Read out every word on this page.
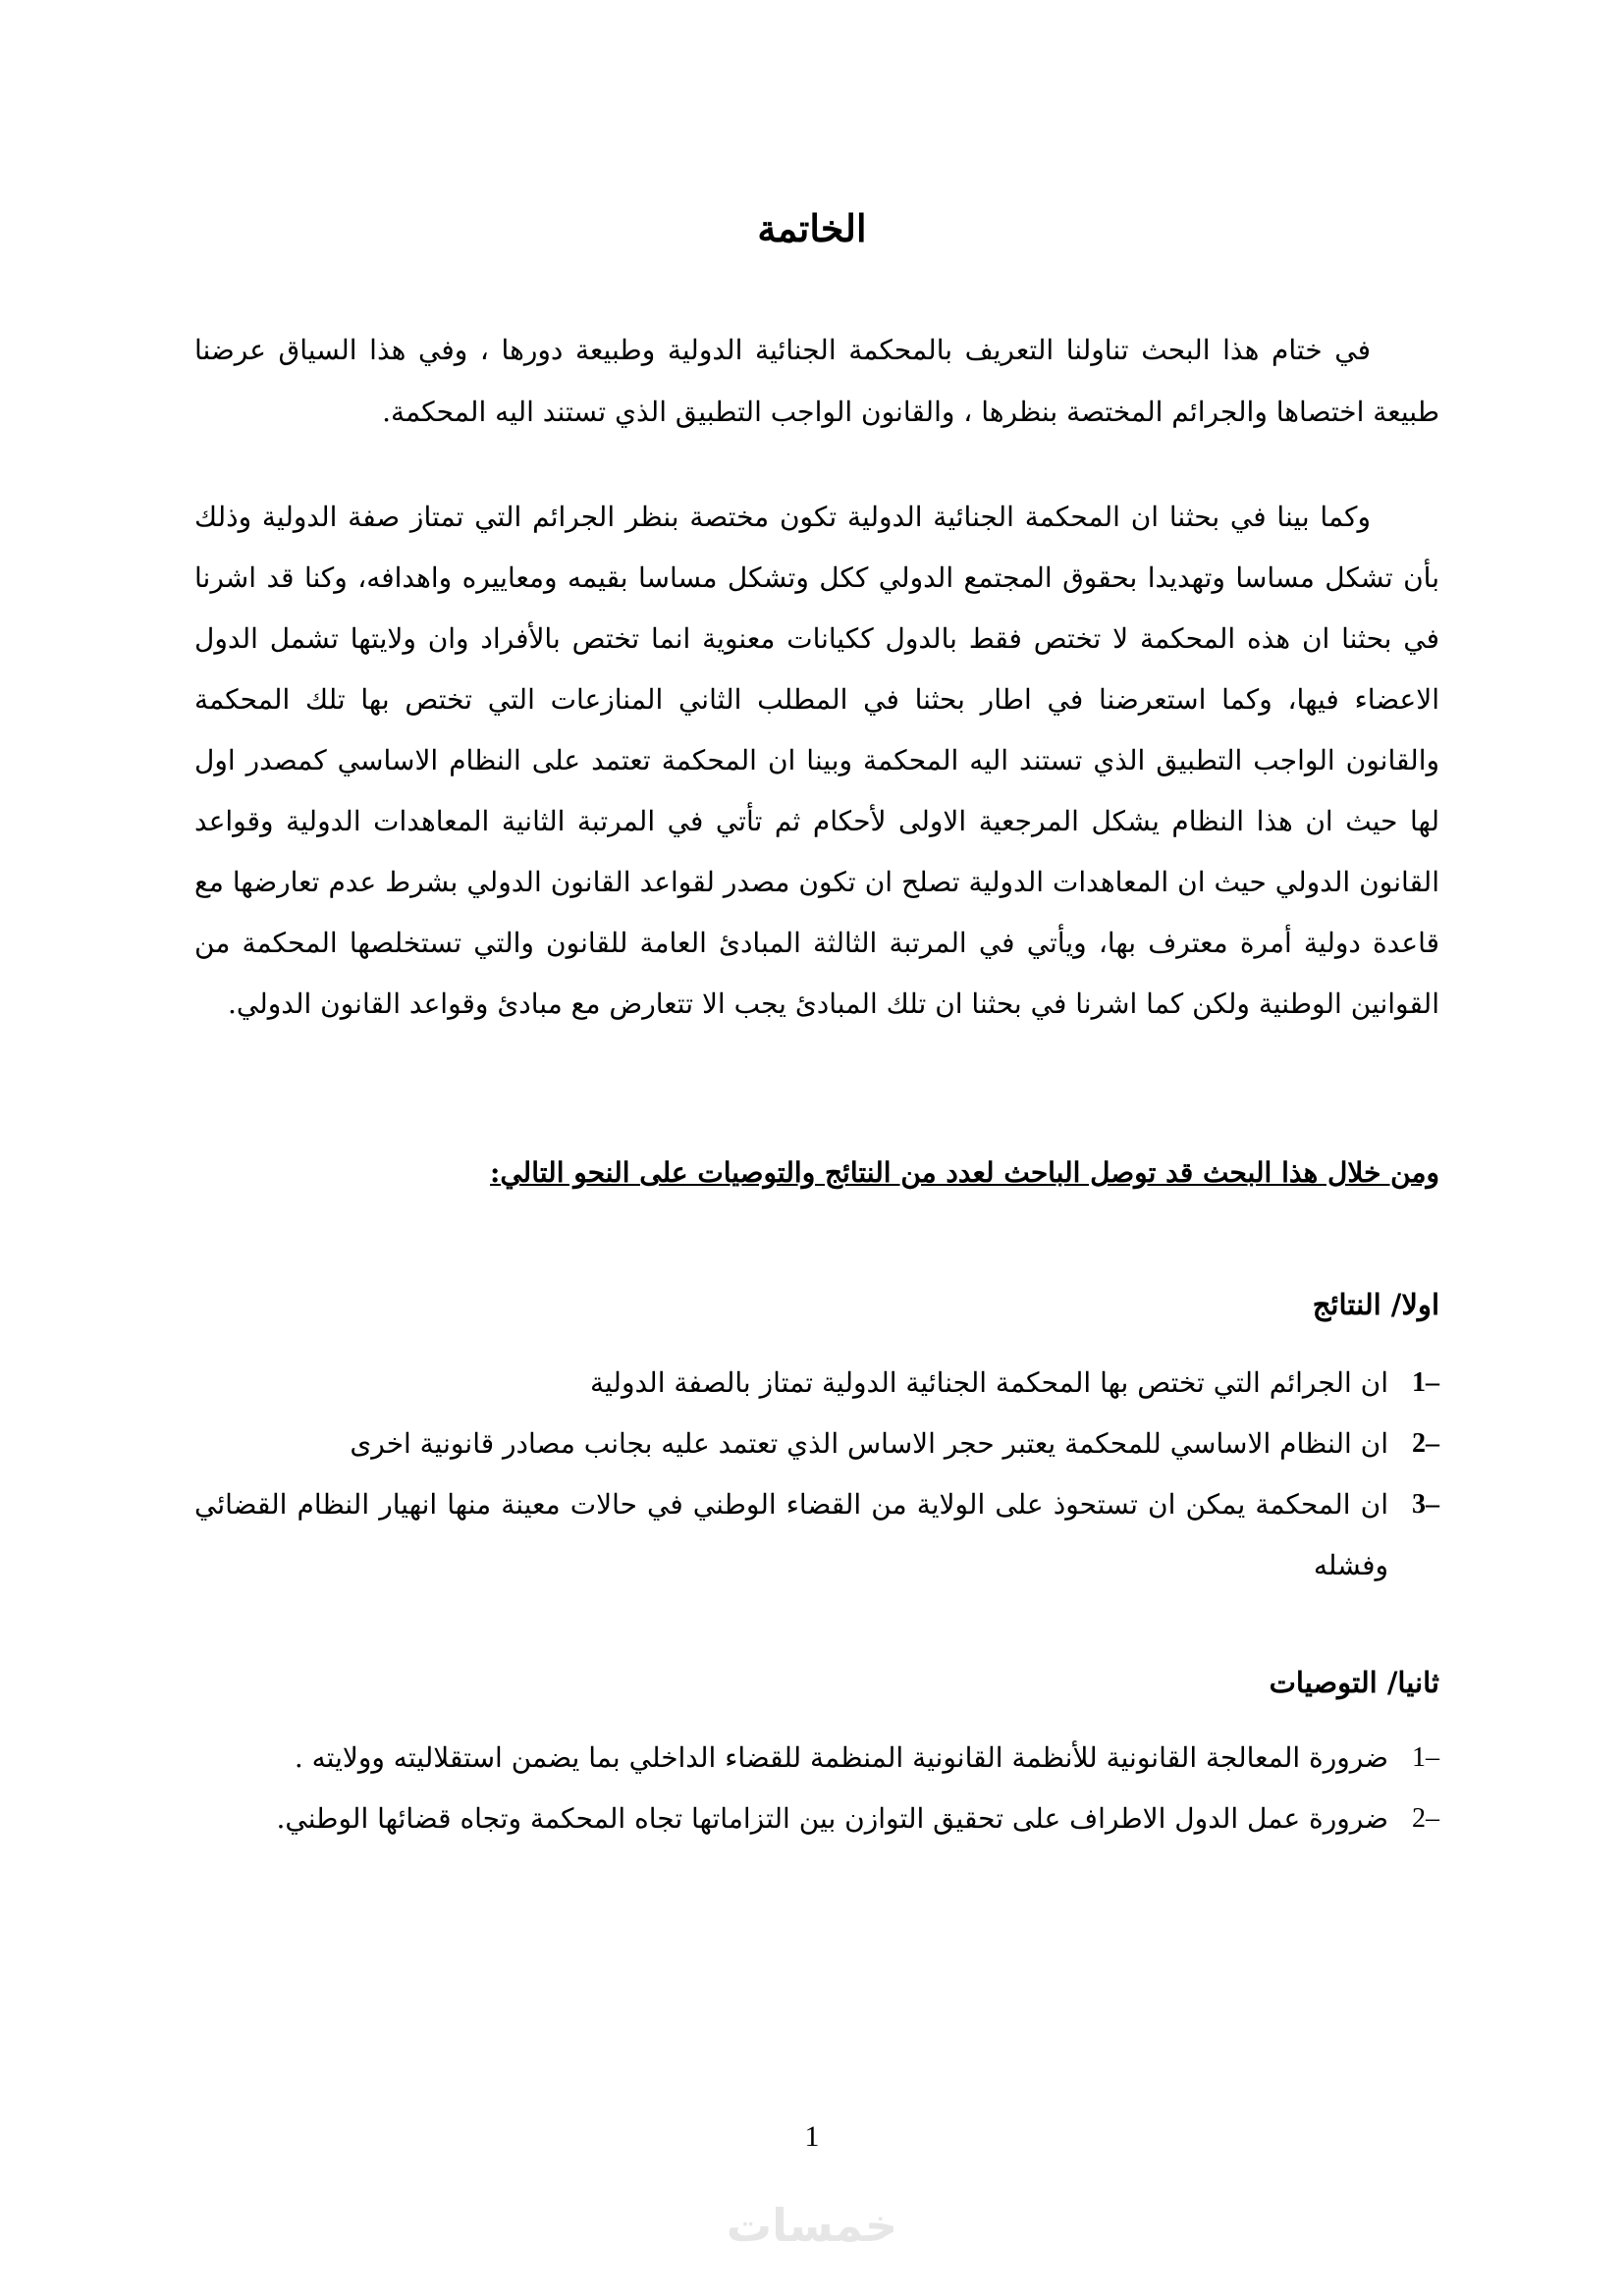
الخاتمة

في ختام هذا البحث تناولنا التعريف بالمحكمة الجنائية الدولية وطبيعة دورها ، وفي هذا السياق عرضنا طبيعة اختصاها والجرائم المختصة بنظرها ، والقانون الواجب التطبيق الذي تستند اليه المحكمة.

وكما بينا في بحثنا ان المحكمة الجنائية الدولية تكون مختصة بنظر الجرائم التي تمتاز صفة الدولية وذلك بأن تشكل مساسا وتهديدا بحقوق المجتمع الدولي ككل وتشكل مساسا بقيمه ومعاييره واهدافه، وكنا قد اشرنا في بحثنا ان هذه المحكمة لا تختص فقط بالدول ككيانات معنوية انما تختص بالأفراد وان ولايتها تشمل الدول الاعضاء فيها، وكما استعرضنا في اطار بحثنا في المطلب الثاني المنازعات التي تختص بها تلك المحكمة والقانون الواجب التطبيق الذي تستند اليه المحكمة وبينا ان المحكمة تعتمد على النظام الاساسي كمصدر اول لها حيث ان هذا النظام يشكل المرجعية الاولى لأحكام ثم تأتي في المرتبة الثانية المعاهدات الدولية وقواعد القانون الدولي حيث ان المعاهدات الدولية تصلح ان تكون مصدر لقواعد القانون الدولي بشرط عدم تعارضها مع قاعدة دولية أمرة معترف بها، ويأتي في المرتبة الثالثة المبادئ العامة للقانون والتي تستخلصها المحكمة من القوانين الوطنية ولكن كما اشرنا في بحثنا ان تلك المبادئ يجب الا تتعارض مع مبادئ وقواعد القانون الدولي.

ومن خلال هذا البحث قد توصل الباحث لعدد من النتائج والتوصيات على النحو التالي:

اولا/ النتائج

1–
ان الجرائم التي تختص بها المحكمة الجنائية الدولية تمتاز بالصفة الدولية
2–
ان النظام الاساسي للمحكمة يعتبر حجر الاساس الذي تعتمد عليه بجانب مصادر قانونية اخرى
3–
ان المحكمة يمكن ان تستحوذ على الولاية من القضاء الوطني في حالات معينة منها انهيار النظام القضائي وفشله

ثانيا/ التوصيات

1–
ضرورة المعالجة القانونية للأنظمة القانونية المنظمة للقضاء الداخلي بما يضمن استقلاليته وولايته .
2–
ضرورة عمل الدول الاطراف على تحقيق التوازن بين التزاماتها تجاه المحكمة وتجاه قضائها الوطني.

1

خمسات
